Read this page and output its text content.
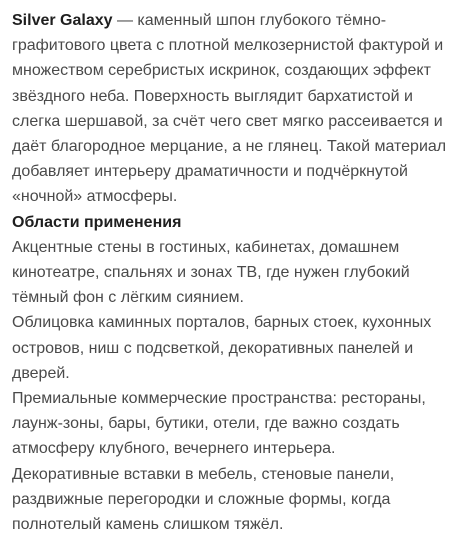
Silver Galaxy — каменный шпон глубокого тёмно-графитового цвета с плотной мелкозернистой фактурой и множеством серебристых искринок, создающих эффект звёздного неба. Поверхность выглядит бархатистой и слегка шершавой, за счёт чего свет мягко рассеивается и даёт благородное мерцание, а не глянец. Такой материал добавляет интерьеру драматичности и подчёркнутой «ночной» атмосферы.

Области применения

Акцентные стены в гостиных, кабинетах, домашнем кинотеатре, спальнях и зонах ТВ, где нужен глубокий тёмный фон с лёгким сиянием.

Облицовка каминных порталов, барных стоек, кухонных островов, ниш с подсветкой, декоративных панелей и дверей.

Премиальные коммерческие пространства: рестораны, лаунж-зоны, бары, бутики, отели, где важно создать атмосферу клубного, вечернего интерьера.

Декоративные вставки в мебель, стеновые панели, раздвижные перегородки и сложные формы, когда полнотелый камень слишком тяжёл.
